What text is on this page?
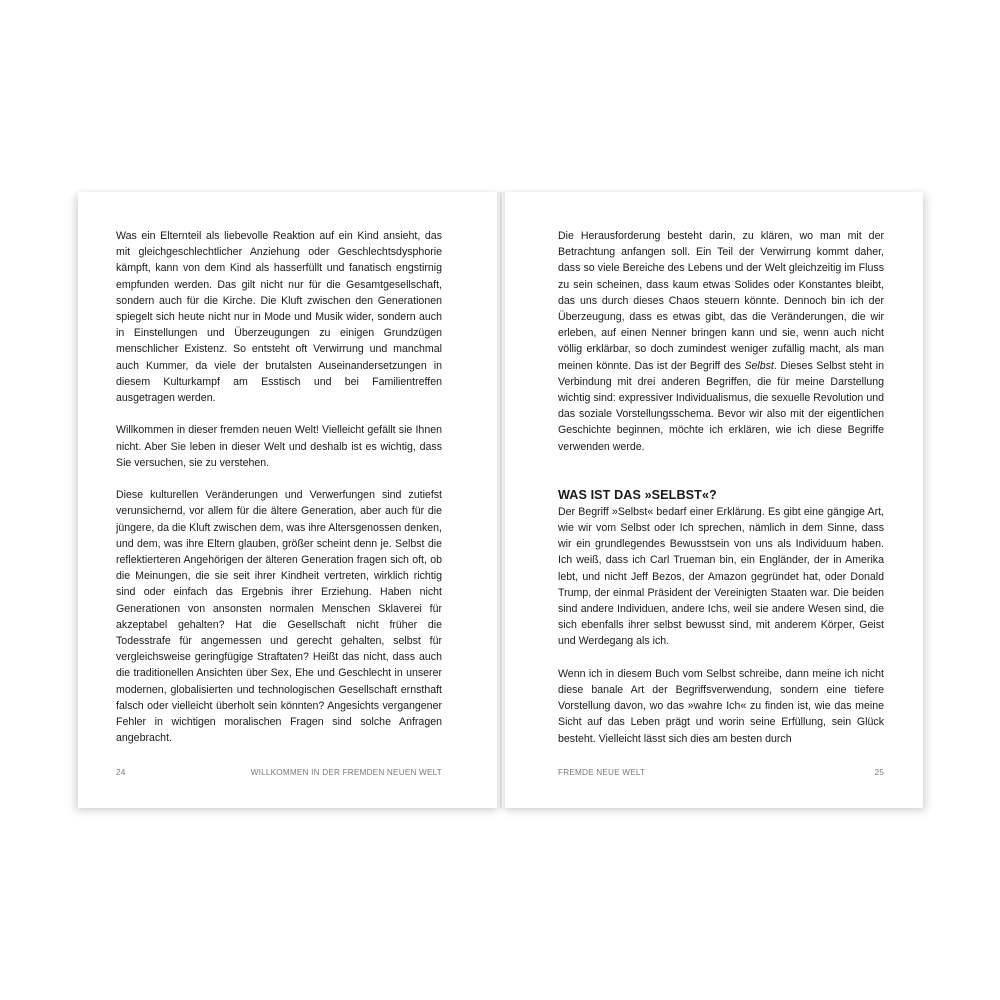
Was ein Elternteil als liebevolle Reaktion auf ein Kind ansieht, das mit gleichgeschlechtlicher Anziehung oder Geschlechtsdysphorie kämpft, kann von dem Kind als hasserfüllt und fanatisch engstirnig empfunden werden. Das gilt nicht nur für die Gesamtgesellschaft, sondern auch für die Kirche. Die Kluft zwischen den Generationen spiegelt sich heute nicht nur in Mode und Musik wider, sondern auch in Einstellungen und Überzeugungen zu einigen Grundzügen menschlicher Existenz. So entsteht oft Verwirrung und manchmal auch Kummer, da viele der brutalsten Auseinandersetzungen in diesem Kulturkampf am Esstisch und bei Familientreffen ausgetragen werden.

Willkommen in dieser fremden neuen Welt! Vielleicht gefällt sie Ihnen nicht. Aber Sie leben in dieser Welt und deshalb ist es wichtig, dass Sie versuchen, sie zu verstehen.

Diese kulturellen Veränderungen und Verwerfungen sind zutiefst verunsichernd, vor allem für die ältere Generation, aber auch für die jüngere, da die Kluft zwischen dem, was ihre Altersgenossen denken, und dem, was ihre Eltern glauben, größer scheint denn je. Selbst die reflektierteren Angehörigen der älteren Generation fragen sich oft, ob die Meinungen, die sie seit ihrer Kindheit vertreten, wirklich richtig sind oder einfach das Ergebnis ihrer Erziehung. Haben nicht Generationen von ansonsten normalen Menschen Sklaverei für akzeptabel gehalten? Hat die Gesellschaft nicht früher die Todesstrafe für angemessen und gerecht gehalten, selbst für vergleichsweise geringfügige Straftaten? Heißt das nicht, dass auch die traditionellen Ansichten über Sex, Ehe und Geschlecht in unserer modernen, globalisierten und technologischen Gesellschaft ernsthaft falsch oder vielleicht überholt sein könnten? Angesichts vergangener Fehler in wichtigen moralischen Fragen sind solche Anfragen angebracht.

24	WILLKOMMEN IN DER FREMDEN NEUEN WELT

Die Herausforderung besteht darin, zu klären, wo man mit der Betrachtung anfangen soll. Ein Teil der Verwirrung kommt daher, dass so viele Bereiche des Lebens und der Welt gleichzeitig im Fluss zu sein scheinen, dass kaum etwas Solides oder Konstantes bleibt, das uns durch dieses Chaos steuern könnte. Dennoch bin ich der Überzeugung, dass es etwas gibt, das die Veränderungen, die wir erleben, auf einen Nenner bringen kann und sie, wenn auch nicht völlig erklärbar, so doch zumindest weniger zufällig macht, als man meinen könnte. Das ist der Begriff des Selbst. Dieses Selbst steht in Verbindung mit drei anderen Begriffen, die für meine Darstellung wichtig sind: expressiver Individualismus, die sexuelle Revolution und das soziale Vorstellungsschema. Bevor wir also mit der eigentlichen Geschichte beginnen, möchte ich erklären, wie ich diese Begriffe verwenden werde.

WAS IST DAS »SELBST«?

Der Begriff »Selbst« bedarf einer Erklärung. Es gibt eine gängige Art, wie wir vom Selbst oder Ich sprechen, nämlich in dem Sinne, dass wir ein grundlegendes Bewusstsein von uns als Individuum haben. Ich weiß, dass ich Carl Trueman bin, ein Engländer, der in Amerika lebt, und nicht Jeff Bezos, der Amazon gegründet hat, oder Donald Trump, der einmal Präsident der Vereinigten Staaten war. Die beiden sind andere Individuen, andere Ichs, weil sie andere Wesen sind, die sich ebenfalls ihrer selbst bewusst sind, mit anderem Körper, Geist und Werdegang als ich.

Wenn ich in diesem Buch vom Selbst schreibe, dann meine ich nicht diese banale Art der Begriffsverwendung, sondern eine tiefere Vorstellung davon, wo das »wahre Ich« zu finden ist, wie das meine Sicht auf das Leben prägt und worin seine Erfüllung, sein Glück besteht. Vielleicht lässt sich dies am besten durch

FREMDE NEUE WELT	25
